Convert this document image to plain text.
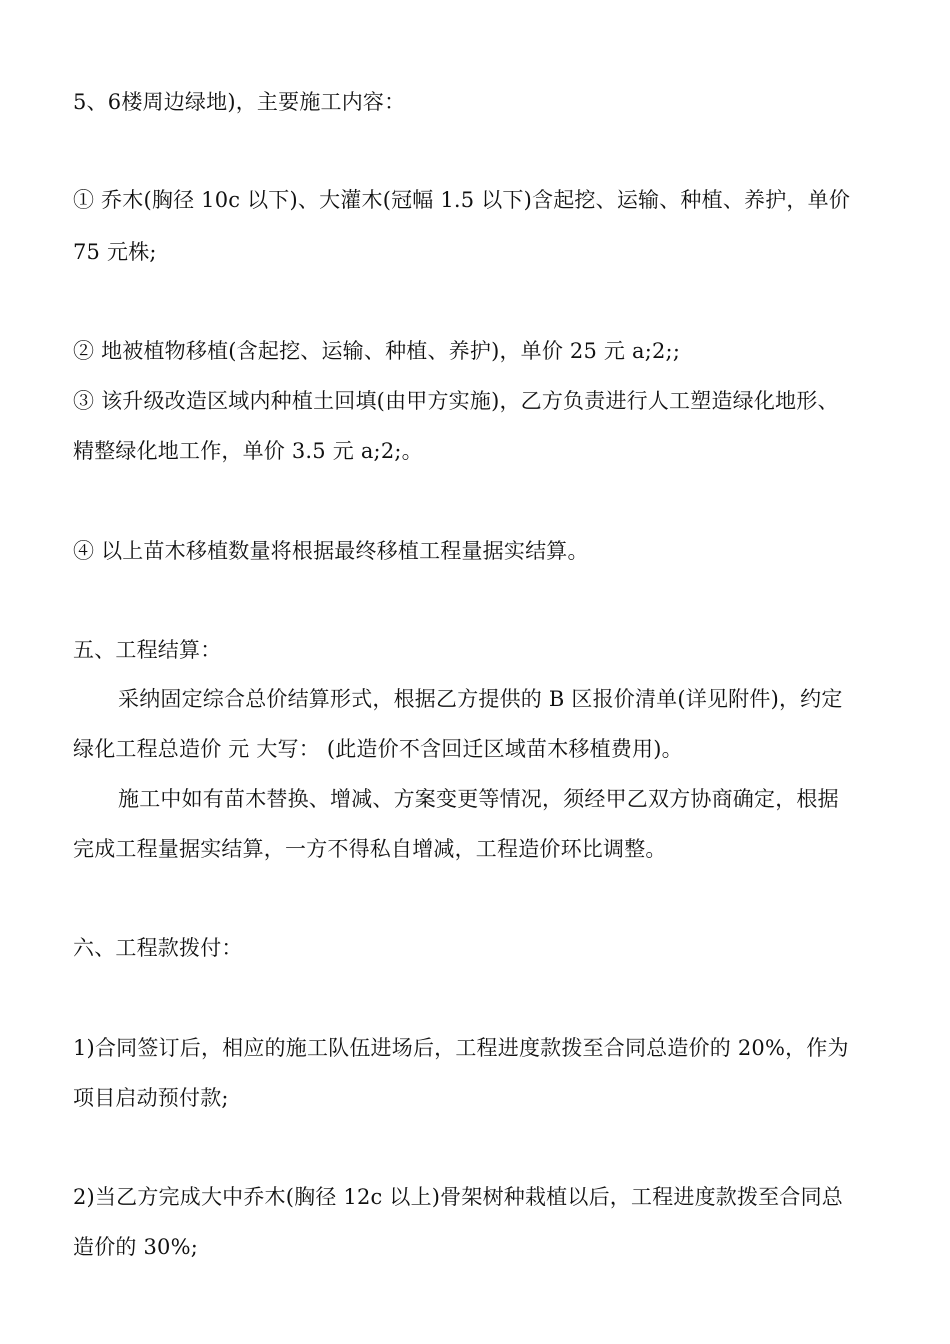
5、6楼周边绿地)，主要施工内容：
① 乔木(胸径 10c 以下)、大灌木(冠幅 1.5 以下)含起挖、运输、种植、养护，单价
75 元株;
② 地被植物移植(含起挖、运输、种植、养护)，单价 25 元 a;2;;
③ 该升级改造区域内种植土回填(由甲方实施)，乙方负责进行人工塑造绿化地形、
精整绿化地工作，单价 3.5 元 a;2;。
④ 以上苗木移植数量将根据最终移植工程量据实结算。
五、工程结算：
采纳固定综合总价结算形式，根据乙方提供的 B 区报价清单(详见附件)，约定
绿化工程总造价 元 大写： (此造价不含回迁区域苗木移植费用)。
施工中如有苗木替换、增减、方案变更等情况，须经甲乙双方协商确定，根据
完成工程量据实结算，一方不得私自增减，工程造价环比调整。
六、工程款拨付：
1)合同签订后，相应的施工队伍进场后，工程进度款拨至合同总造价的 20%，作为
项目启动预付款;
2)当乙方完成大中乔木(胸径 12c 以上)骨架树种栽植以后，工程进度款拨至合同总
造价的 30%;
